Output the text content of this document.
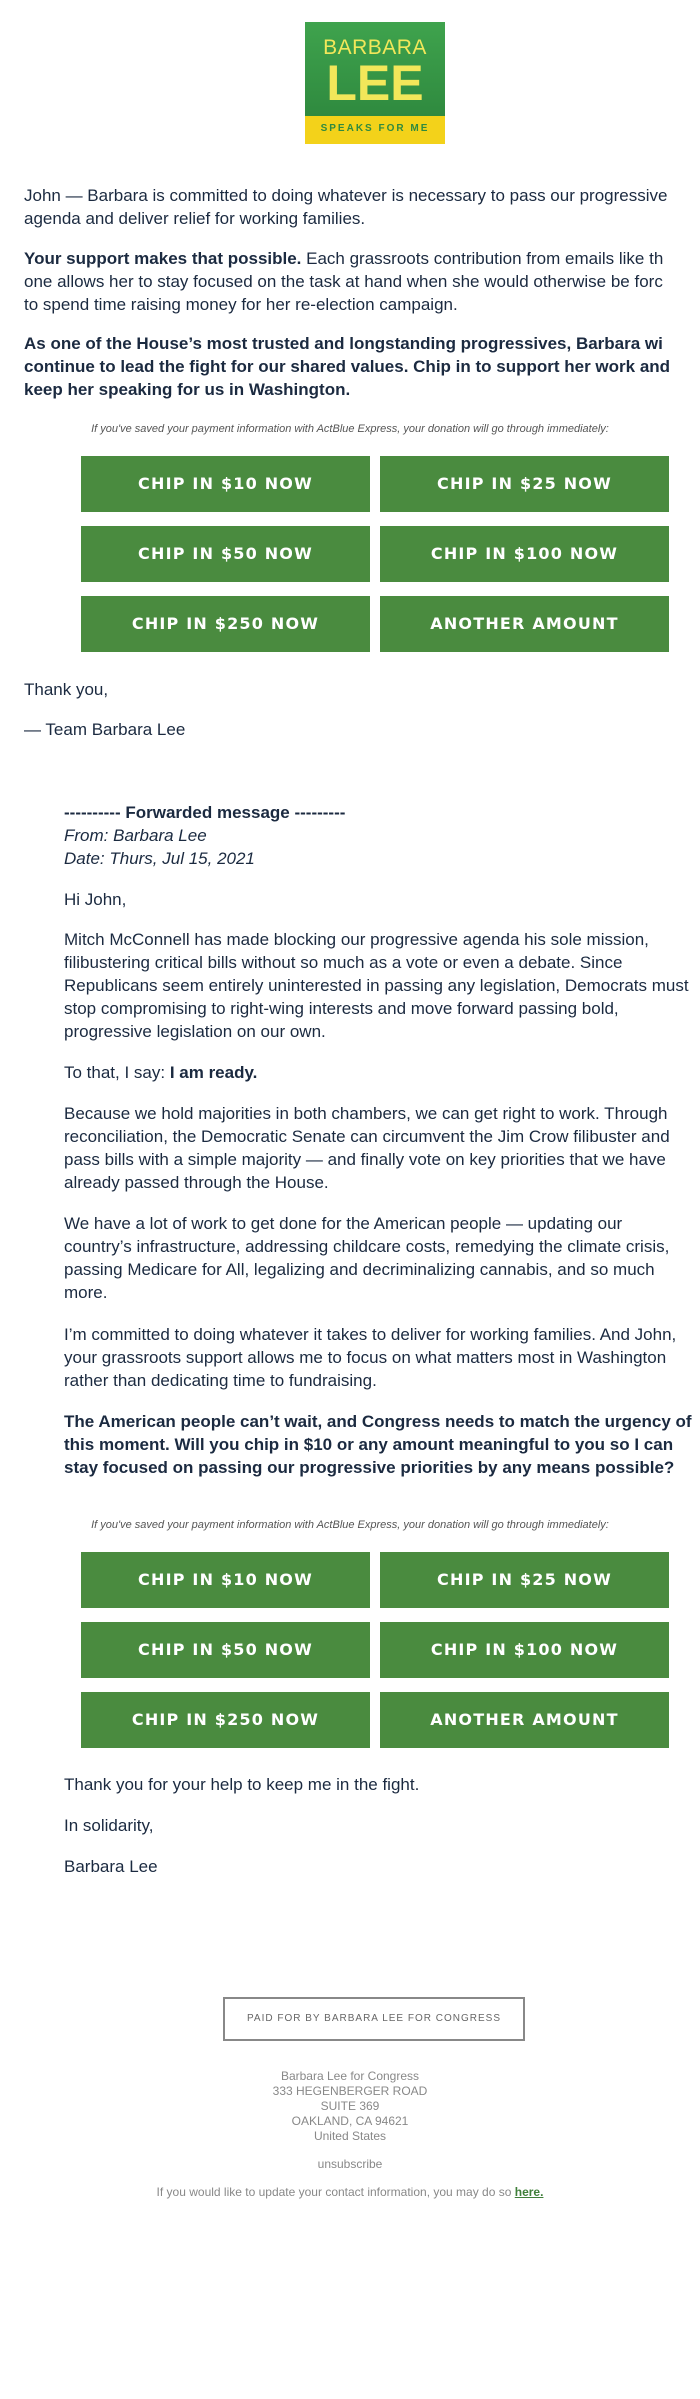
BARBARA
LEE
SPEAKS FOR ME
John — Barbara is committed to doing whatever is necessary to pass our progressive
agenda and deliver relief for working families.
Your support makes that possible. Each grassroots contribution from emails like th
one allows her to stay focused on the task at hand when she would otherwise be forc
to spend time raising money for her re-election campaign.
As one of the House’s most trusted and longstanding progressives, Barbara wi
continue to lead the fight for our shared values. Chip in to support her work and
keep her speaking for us in Washington.
If you've saved your payment information with ActBlue Express, your donation will go through immediately:
CHIP IN $10 NOW	CHIP IN $25 NOW
CHIP IN $50 NOW	CHIP IN $100 NOW
CHIP IN $250 NOW	ANOTHER AMOUNT
Thank you,
— Team Barbara Lee
---------- Forwarded message ---------
From: Barbara Lee
Date: Thurs, Jul 15, 2021
Hi John,
Mitch McConnell has made blocking our progressive agenda his sole mission, filibustering critical bills without so much as a vote or even a debate. Since Republicans seem entirely uninterested in passing any legislation, Democrats must stop compromising to right-wing interests and move forward passing bold, progressive legislation on our own.
To that, I say: I am ready.
Because we hold majorities in both chambers, we can get right to work. Through reconciliation, the Democratic Senate can circumvent the Jim Crow filibuster and pass bills with a simple majority — and finally vote on key priorities that we have already passed through the House.
We have a lot of work to get done for the American people — updating our country’s infrastructure, addressing childcare costs, remedying the climate crisis, passing Medicare for All, legalizing and decriminalizing cannabis, and so much more.
I’m committed to doing whatever it takes to deliver for working families. And John, your grassroots support allows me to focus on what matters most in Washington rather than dedicating time to fundraising.
The American people can’t wait, and Congress needs to match the urgency of this moment. Will you chip in $10 or any amount meaningful to you so I can stay focused on passing our progressive priorities by any means possible?
If you've saved your payment information with ActBlue Express, your donation will go through immediately:
CHIP IN $10 NOW	CHIP IN $25 NOW
CHIP IN $50 NOW	CHIP IN $100 NOW
CHIP IN $250 NOW	ANOTHER AMOUNT
Thank you for your help to keep me in the fight.
In solidarity,
Barbara Lee
PAID FOR BY BARBARA LEE FOR CONGRESS
Barbara Lee for Congress
333 HEGENBERGER ROAD
SUITE 369
OAKLAND, CA 94621
United States
unsubscribe
If you would like to update your contact information, you may do so here.
